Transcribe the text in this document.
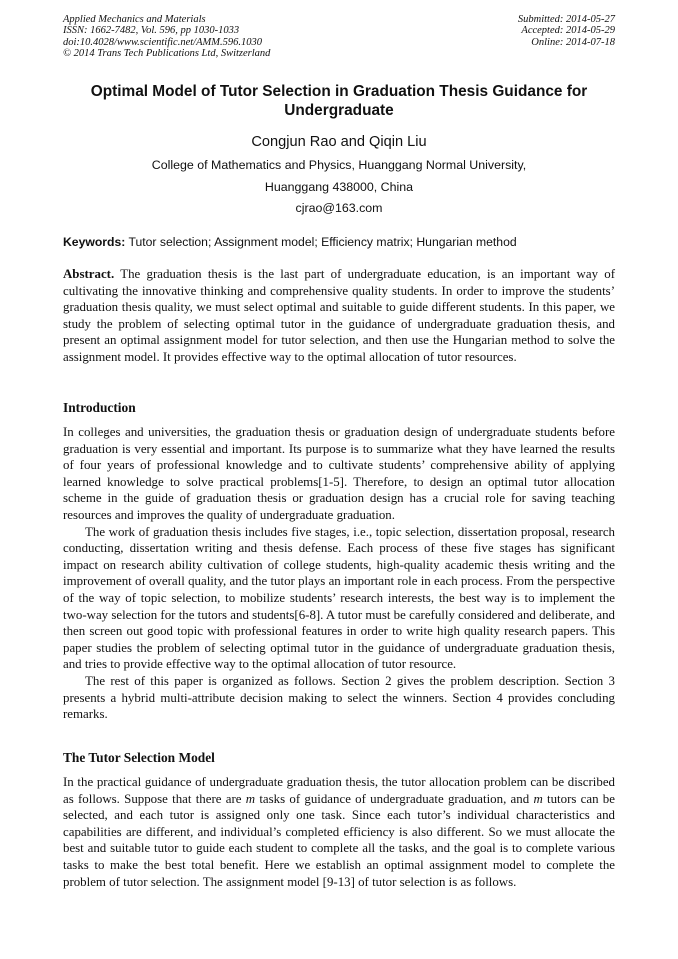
Applied Mechanics and Materials
ISSN: 1662-7482, Vol. 596, pp 1030-1033
doi:10.4028/www.scientific.net/AMM.596.1030
© 2014 Trans Tech Publications Ltd, Switzerland
Submitted: 2014-05-27
Accepted: 2014-05-29
Online: 2014-07-18
Optimal Model of Tutor Selection in Graduation Thesis Guidance for Undergraduate
Congjun Rao and Qiqin Liu
College of Mathematics and Physics, Huanggang Normal University,
Huanggang 438000, China
cjrao@163.com
Keywords: Tutor selection; Assignment model; Efficiency matrix; Hungarian method

Abstract. The graduation thesis is the last part of undergraduate education, is an important way of cultivating the innovative thinking and comprehensive quality students. In order to improve the students’ graduation thesis quality, we must select optimal and suitable to guide different students. In this paper, we study the problem of selecting optimal tutor in the guidance of undergraduate graduation thesis, and present an optimal assignment model for tutor selection, and then use the Hungarian method to solve the assignment model. It provides effective way to the optimal allocation of tutor resources.

Introduction

In colleges and universities, the graduation thesis or graduation design of undergraduate students before graduation is very essential and important. Its purpose is to summarize what they have learned the results of four years of professional knowledge and to cultivate students’ comprehensive ability of applying learned knowledge to solve practical problems[1-5]. Therefore, to design an optimal tutor allocation scheme in the guide of graduation thesis or graduation design has a crucial role for saving teaching resources and improves the quality of undergraduate graduation.

The work of graduation thesis includes five stages, i.e., topic selection, dissertation proposal, research conducting, dissertation writing and thesis defense. Each process of these five stages has significant impact on research ability cultivation of college students, high-quality academic thesis writing and the improvement of overall quality, and the tutor plays an important role in each process. From the perspective of the way of topic selection, to mobilize students’ research interests, the best way is to implement the two-way selection for the tutors and students[6-8]. A tutor must be carefully considered and deliberate, and then screen out good topic with professional features in order to write high quality research papers. This paper studies the problem of selecting optimal tutor in the guidance of undergraduate graduation thesis, and tries to provide effective way to the optimal allocation of tutor resource.

The rest of this paper is organized as follows. Section 2 gives the problem description. Section 3 presents a hybrid multi-attribute decision making to select the winners. Section 4 provides concluding remarks.

The Tutor Selection Model

In the practical guidance of undergraduate graduation thesis, the tutor allocation problem can be discribed as follows. Suppose that there are m tasks of guidance of undergraduate graduation, and m tutors can be selected, and each tutor is assigned only one task. Since each tutor’s individual characteristics and capabilities are different, and individual’s completed efficiency is also different. So we must allocate the best and suitable tutor to guide each student to complete all the tasks, and the goal is to complete various tasks to make the best total benefit. Here we establish an optimal assignment model to complete the problem of tutor selection. The assignment model [9-13] of tutor selection is as follows.
